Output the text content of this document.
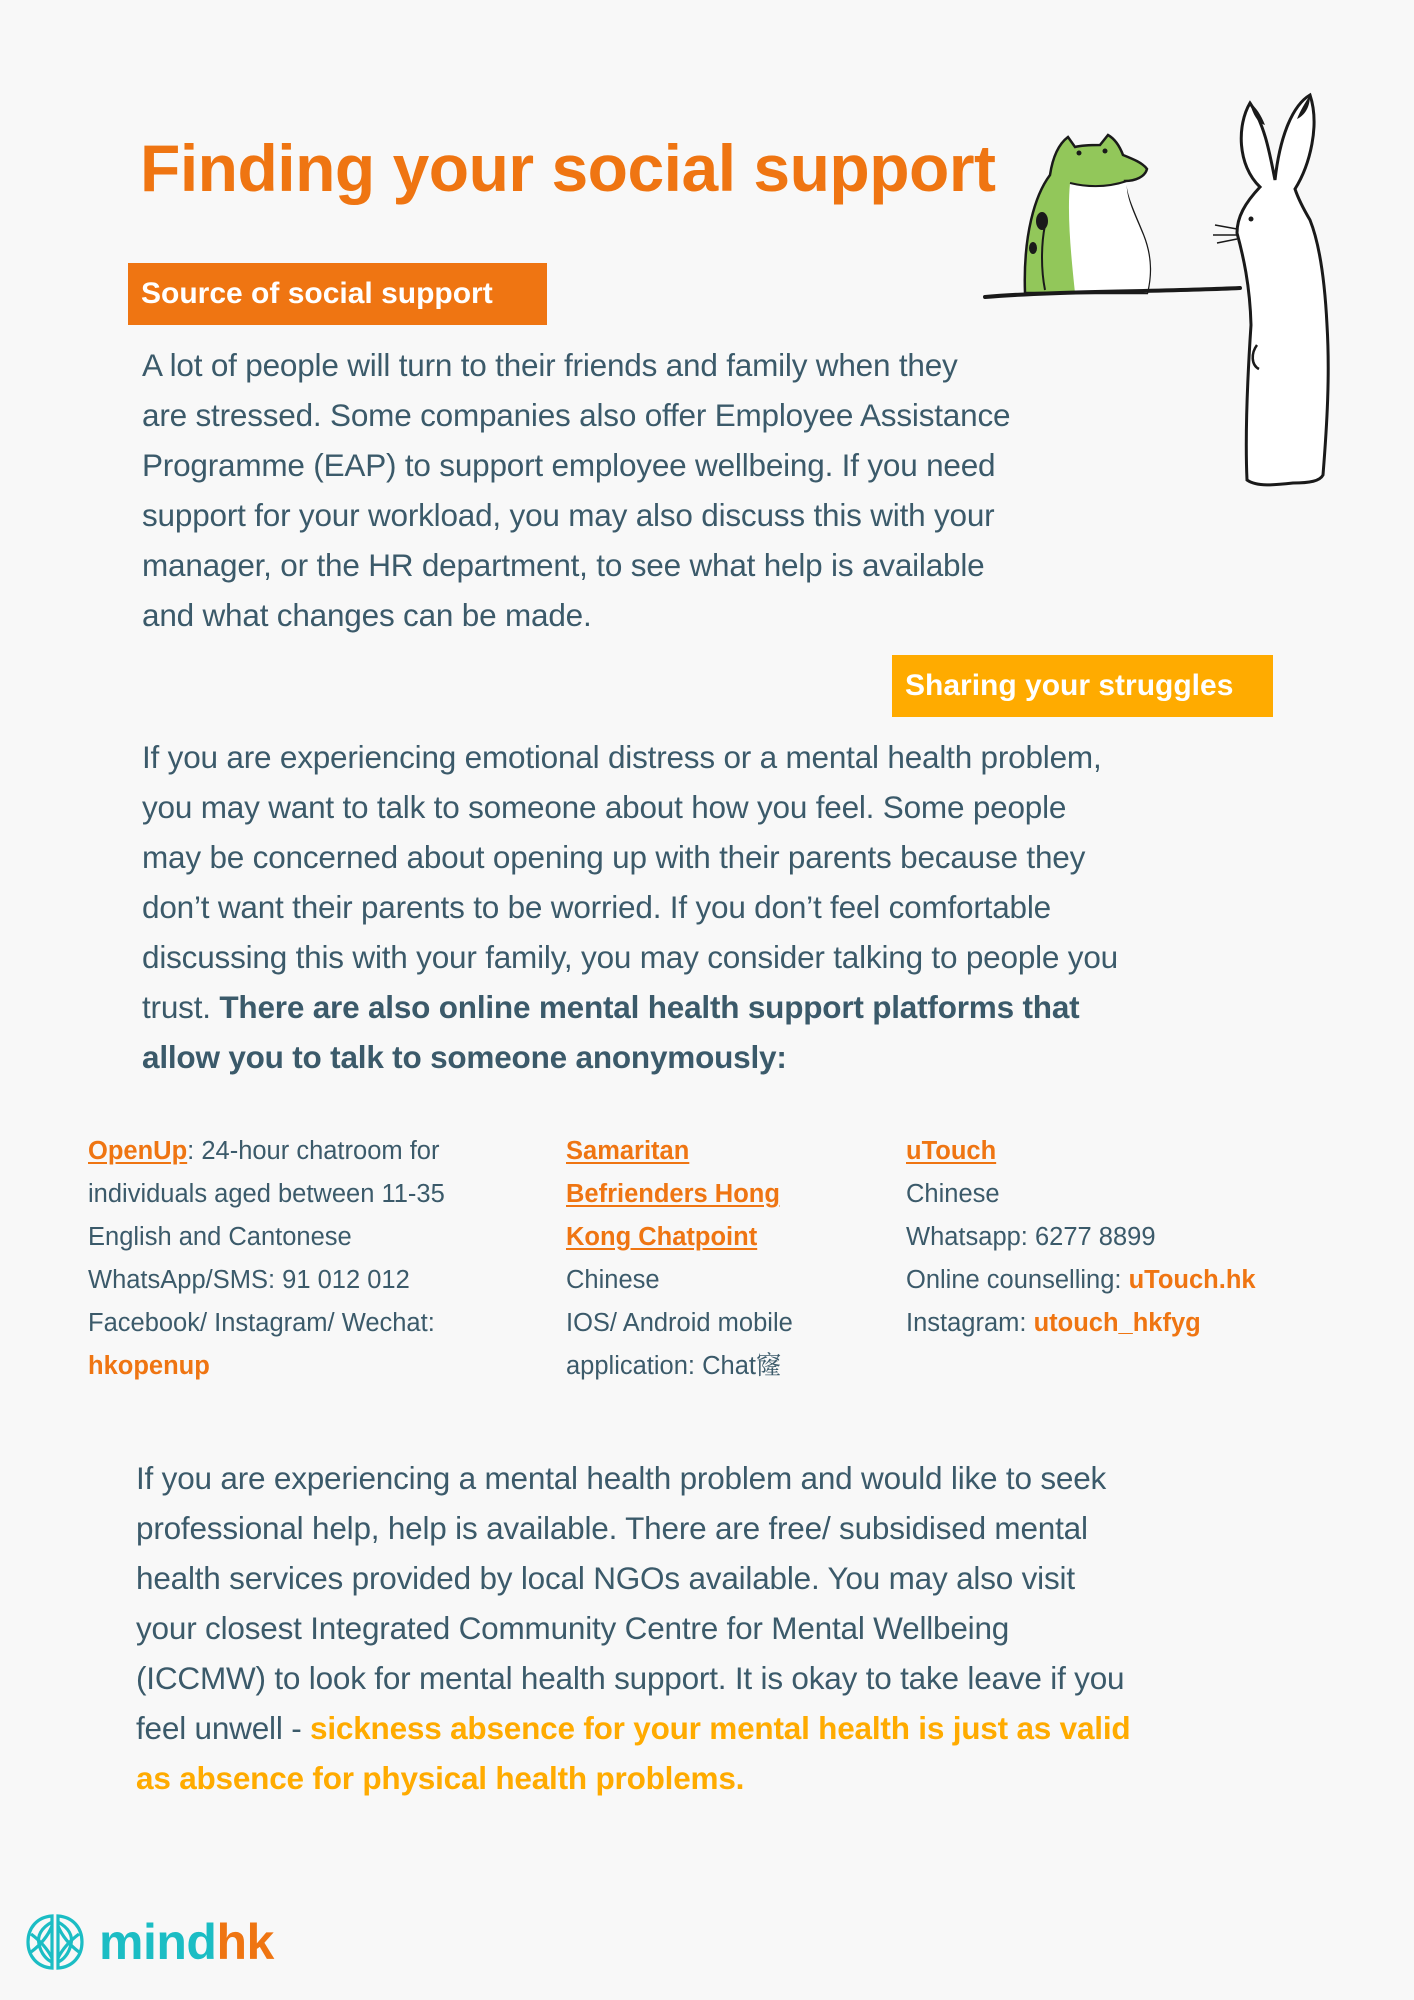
Finding your social support
Source of social support
A lot of people will turn to their friends and family when they
are stressed. Some companies also offer Employee Assistance
Programme (EAP) to support employee wellbeing. If you need
support for your workload, you may also discuss this with your
manager, or the HR department, to see what help is available
and what changes can be made.
Sharing your struggles
If you are experiencing emotional distress or a mental health problem,
you may want to talk to someone about how you feel. Some people
may be concerned about opening up with their parents because they
don’t want their parents to be worried. If you don’t feel comfortable
discussing this with your family, you may consider talking to people you
trust. There are also online mental health support platforms that
allow you to talk to someone anonymously:
OpenUp: 24-hour chatroom for
individuals aged between 11-35
English and Cantonese
WhatsApp/SMS: 91 012 012
Facebook/ Instagram/ Wechat:
hkopenup
Samaritan
Befrienders Hong
Kong Chatpoint
Chinese
IOS/ Android mobile
application: Chat窿
uTouch
Chinese
Whatsapp: 6277 8899
Online counselling: uTouch.hk
Instagram: utouch_hkfyg
If you are experiencing a mental health problem and would like to seek
professional help, help is available. There are free/ subsidised mental
health services provided by local NGOs available. You may also visit
your closest Integrated Community Centre for Mental Wellbeing
(ICCMW) to look for mental health support. It is okay to take leave if you
feel unwell - sickness absence for your mental health is just as valid
as absence for physical health problems.
mindhk
